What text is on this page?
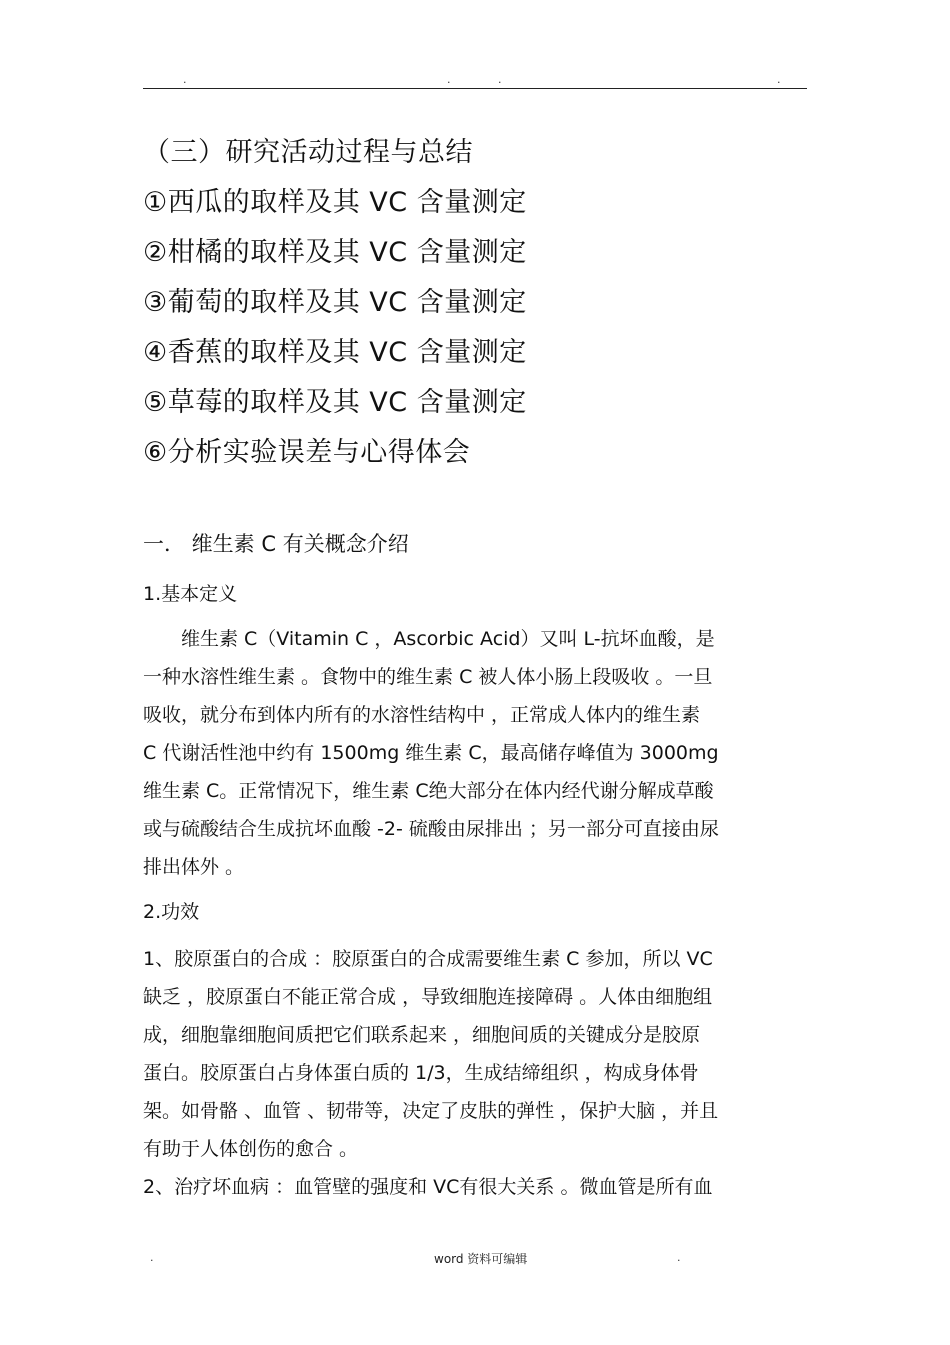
.	.	.	.
（三）研究活动过程与总结
①西瓜的取样及其 VC 含量测定
②柑橘的取样及其 VC 含量测定
③葡萄的取样及其 VC 含量测定
④香蕉的取样及其 VC 含量测定
⑤草莓的取样及其 VC 含量测定
⑥分析实验误差与心得体会
一． 维生素 C 有关概念介绍
1.基本定义
　　维生素 C（Vitamin C ，Ascorbic Acid）又叫 L-抗坏血酸，是
一种水溶性维生素 。食物中的维生素 C 被人体小肠上段吸收 。一旦
吸收，就分布到体内所有的水溶性结构中 ，正常成人体内的维生素
C 代谢活性池中约有 1500mg 维生素 C，最高储存峰值为 3000mg
维生素 C。正常情况下，维生素 C绝大部分在体内经代谢分解成草酸
或与硫酸结合生成抗坏血酸 -2- 硫酸由尿排出 ；另一部分可直接由尿
排出体外 。
2.功效
1、胶原蛋白的合成 ：胶原蛋白的合成需要维生素 C 参加，所以 VC
缺乏 ，胶原蛋白不能正常合成 ，导致细胞连接障碍 。人体由细胞组
成，细胞靠细胞间质把它们联系起来 ，细胞间质的关键成分是胶原
蛋白。胶原蛋白占身体蛋白质的 1/3，生成结缔组织 ，构成身体骨
架。如骨骼 、血管 、韧带等，决定了皮肤的弹性 ，保护大脑 ，并且
有助于人体创伤的愈合 。
2、治疗坏血病 ：血管壁的强度和 VC有很大关系 。微血管是所有血
.	word 资料可编辑	.
